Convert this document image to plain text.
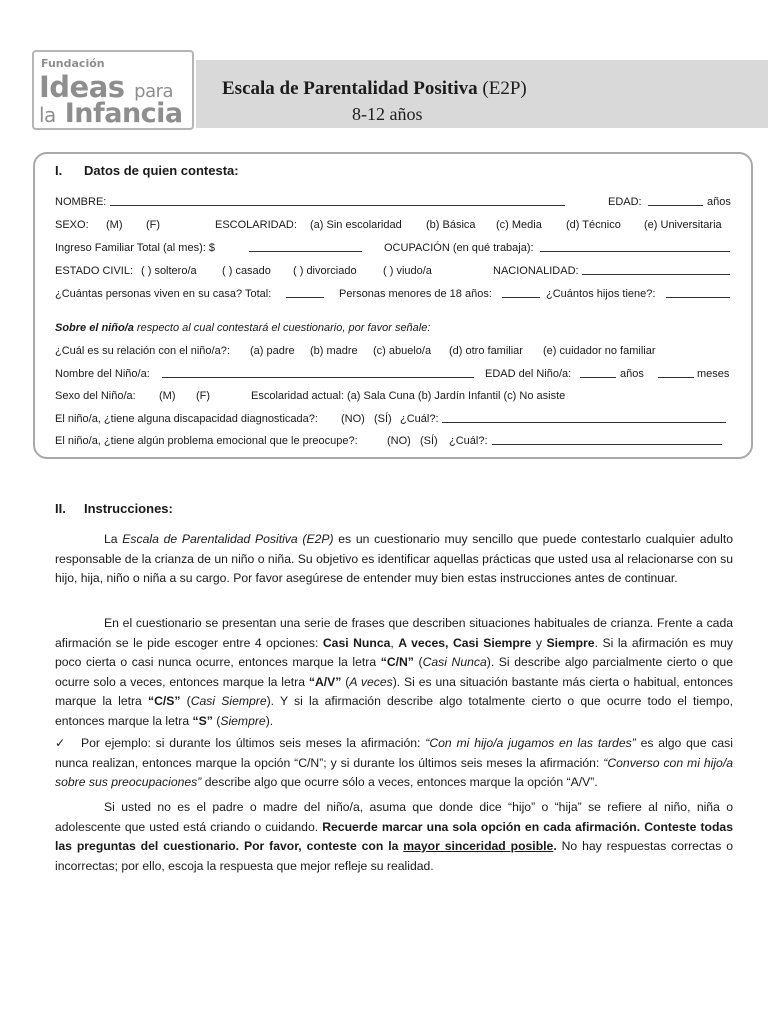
Fundación
Ideas para
la Infancia
Escala de Parentalidad Positiva (E2P)
8-12 años
I. Datos de quien contesta:
NOMBRE:	EDAD:	años
SEXO: (M) (F)	ESCOLARIDAD: (a) Sin escolaridad (b) Básica (c) Media (d) Técnico (e) Universitaria
Ingreso Familiar Total (al mes): $	OCUPACIÓN (en qué trabaja):
ESTADO CIVIL: ( ) soltero/a ( ) casado ( ) divorciado ( ) viudo/a	NACIONALIDAD:
¿Cuántas personas viven en su casa? Total:	Personas menores de 18 años:	¿Cuántos hijos tiene?:
Sobre el niño/a respecto al cual contestará el cuestionario, por favor señale:
¿Cuál es su relación con el niño/a?: (a) padre (b) madre (c) abuelo/a (d) otro familiar (e) cuidador no familiar
Nombre del Niño/a:	EDAD del Niño/a:	años	meses
Sexo del Niño/a: (M) (F)	Escolaridad actual: (a) Sala Cuna (b) Jardín Infantil (c) No asiste
El niño/a, ¿tiene alguna discapacidad diagnosticada?: (NO) (SÍ) ¿Cuál?:
El niño/a, ¿tiene algún problema emocional que le preocupe?:	(NO) (SÍ) ¿Cuál?:
II. Instrucciones:

La Escala de Parentalidad Positiva (E2P) es un cuestionario muy sencillo que puede contestarlo cualquier adulto responsable de la crianza de un niño o niña. Su objetivo es identificar aquellas prácticas que usted usa al relacionarse con su hijo, hija, niño o niña a su cargo. Por favor asegúrese de entender muy bien estas instrucciones antes de continuar.

En el cuestionario se presentan una serie de frases que describen situaciones habituales de crianza. Frente a cada afirmación se le pide escoger entre 4 opciones: Casi Nunca, A veces, Casi Siempre y Siempre. Si la afirmación es muy poco cierta o casi nunca ocurre, entonces marque la letra “C/N” (Casi Nunca). Si describe algo parcialmente cierto o que ocurre solo a veces, entonces marque la letra “A/V” (A veces). Si es una situación bastante más cierta o habitual, entonces marque la letra “C/S” (Casi Siempre). Y si la afirmación describe algo totalmente cierto o que ocurre todo el tiempo, entonces marque la letra “S” (Siempre).

✓ Por ejemplo: si durante los últimos seis meses la afirmación: “Con mi hijo/a jugamos en las tardes” es algo que casi nunca realizan, entonces marque la opción “C/N”; y si durante los últimos seis meses la afirmación: “Converso con mi hijo/a sobre sus preocupaciones” describe algo que ocurre sólo a veces, entonces marque la opción “A/V”.

Si usted no es el padre o madre del niño/a, asuma que donde dice “hijo” o “hija” se refiere al niño, niña o adolescente que usted está criando o cuidando. Recuerde marcar una sola opción en cada afirmación. Conteste todas las preguntas del cuestionario. Por favor, conteste con la mayor sinceridad posible. No hay respuestas correctas o incorrectas; por ello, escoja la respuesta que mejor refleje su realidad.
